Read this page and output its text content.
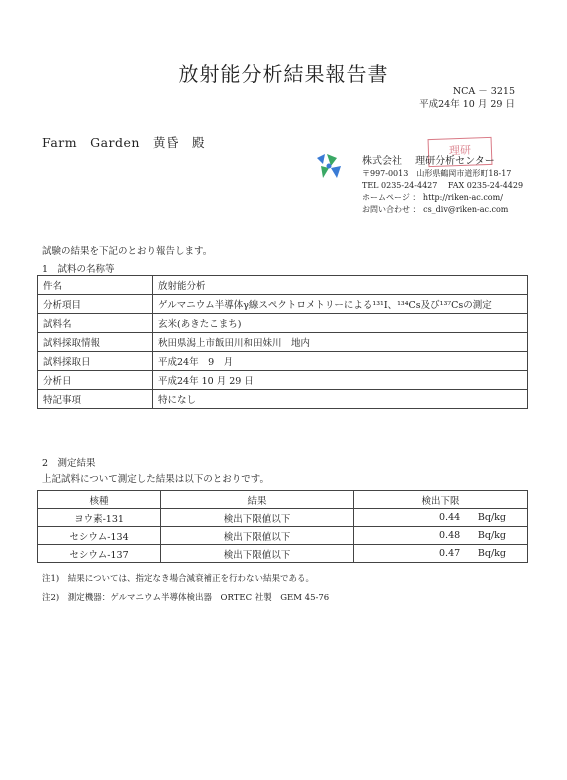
放射能分析結果報告書
NCA － 3215
平成24年 10 月 29 日
Farm　Garden　黄昏　殿
理研
株式会社　 理研分析センター
〒997-0013　山形県鶴岡市道形町18-17
TEL 0235-24-4427 　FAX 0235-24-4429
ホームページ ： http://riken-ac.com/
お問い合わせ ： cs_div@riken-ac.com
試験の結果を下記のとおり報告します。
1　試料の名称等
件名	放射能分析
分析項目	ゲルマニウム半導体γ線スペクトロメトリーによる¹³¹I、¹³⁴Cs及び¹³⁷Csの測定
試料名	玄米(あきたこまち)
試料採取情報	秋田県潟上市飯田川和田妹川　地内
試料採取日	平成24年　9　月
分析日	平成24年 10 月 29 日
特記事項	特になし
2　測定結果
上記試料について測定した結果は以下のとおりです。
核種	結果	検出下限
ヨウ素-131	検出下限値以下	0.44 Bq/kg

セシウム-134	検出下限値以下	0.48 Bq/kg

セシウム-137	検出下限値以下	0.47 Bq/kg
注1)　結果については、指定なき場合減衰補正を行わない結果である。
注2)　測定機器：ゲルマニウム半導体検出器　ORTEC 社製　GEM 45-76
